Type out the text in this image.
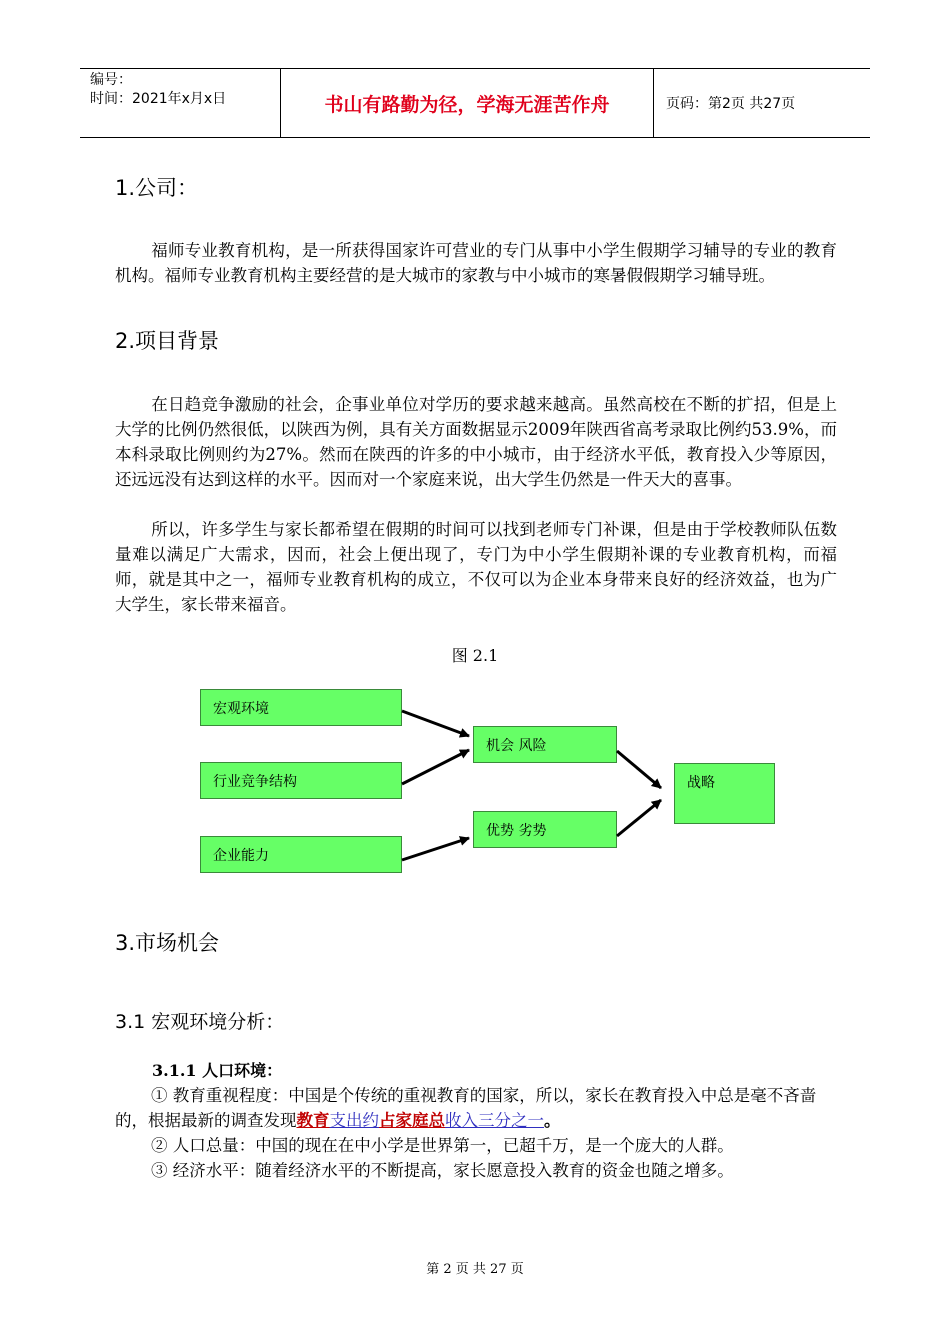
编号：
时间：2021年x月x日	书山有路勤为径，学海无涯苦作舟	页码：第2页 共27页
1.公司：

福师专业教育机构，是一所获得国家许可营业的专门从事中小学生假期学习辅导的专业的教育机构。福师专业教育机构主要经营的是大城市的家教与中小城市的寒暑假假期学习辅导班。

2.项目背景

在日趋竞争激励的社会，企事业单位对学历的要求越来越高。虽然高校在不断的扩招，但是上大学的比例仍然很低，以陕西为例，具有关方面数据显示2009年陕西省高考录取比例约53.9%，而本科录取比例则约为27%。然而在陕西的许多的中小城市，由于经济水平低，教育投入少等原因，还远远没有达到这样的水平。因而对一个家庭来说，出大学生仍然是一件天大的喜事。

所以，许多学生与家长都希望在假期的时间可以找到老师专门补课，但是由于学校教师队伍数量难以满足广大需求，因而，社会上便出现了，专门为中小学生假期补课的专业教育机构，而福师，就是其中之一，福师专业教育机构的成立，不仅可以为企业本身带来良好的经济效益，也为广大学生，家长带来福音。

图 2.1
宏观环境
行业竞争结构
企业能力
机会 风险
优势 劣势
战略
3.市场机会
3.1 宏观环境分析：
3.1.1 人口环境：

① 教育重视程度：中国是个传统的重视教育的国家，所以，家长在教育投入中总是毫不吝啬的，根据最新的调查发现教育支出约占家庭总收入三分之一。

② 人口总量：中国的现在在中小学是世界第一，已超千万，是一个庞大的人群。

③ 经济水平：随着经济水平的不断提高，家长愿意投入教育的资金也随之增多。

第 2 页 共 27 页
